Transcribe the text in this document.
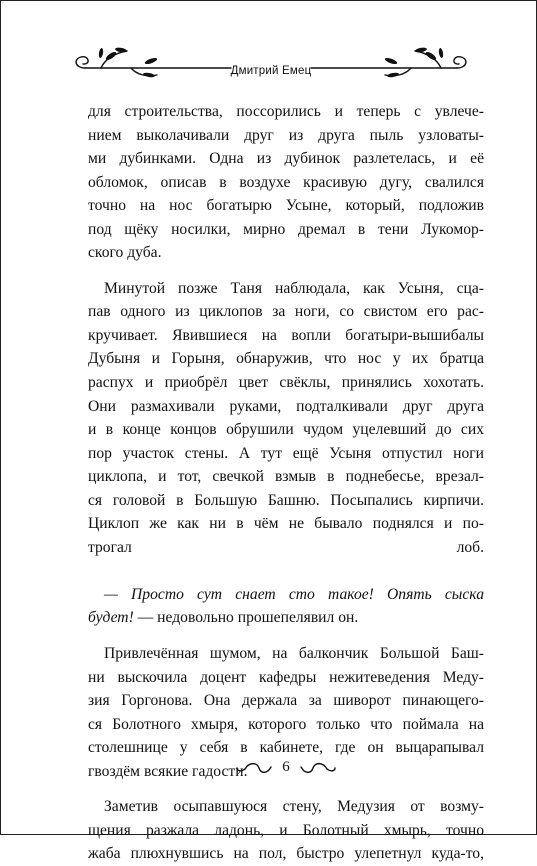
Дмитрий Емец
для строительства, поссорились и теперь с увлече-
нием выколачивали друг из друга пыль узловаты-
ми дубинками. Одна из дубинок разлетелась, и её
обломок, описав в воздухе красивую дугу, свалился
точно на нос богатырю Усыне, который, подложив
под щёку носилки, мирно дремал в тени Лукомор-
ского дуба.
Минутой позже Таня наблюдала, как Усыня, сца-
пав одного из циклопов за ноги, со свистом его рас-
кручивает. Явившиеся на вопли богатыри-вышибалы
Дубыня и Горыня, обнаружив, что нос у их братца
распух и приобрёл цвет свёклы, принялись хохотать.
Они размахивали руками, подталкивали друг друга
и в конце концов обрушили чудом уцелевший до сих
пор участок стены. А тут ещё Усыня отпустил ноги
циклопа, и тот, свечкой взмыв в поднебесье, врезал-
ся головой в Большую Башню. Посыпались кирпичи.
Циклоп же как ни в чём не бывало поднялся и по-
трогал лоб.
— Просто сут снает сто такое! Опять сыска
будет! — недовольно прошепелявил он.
Привлечённая шумом, на балкончик Большой Баш-
ни выскочила доцент кафедры нежитеведения Меду-
зия Горгонова. Она держала за шиворот пинающего-
ся Болотного хмыря, которого только что поймала на
столешнице у себя в кабинете, где он выцарапывал
гвоздём всякие гадости.
Заметив осыпавшуюся стену, Медузия от возму-
щения разжала ладонь, и Болотный хмырь, точно
жаба плюхнувшись на пол, быстро улепетнул куда-то,
6
